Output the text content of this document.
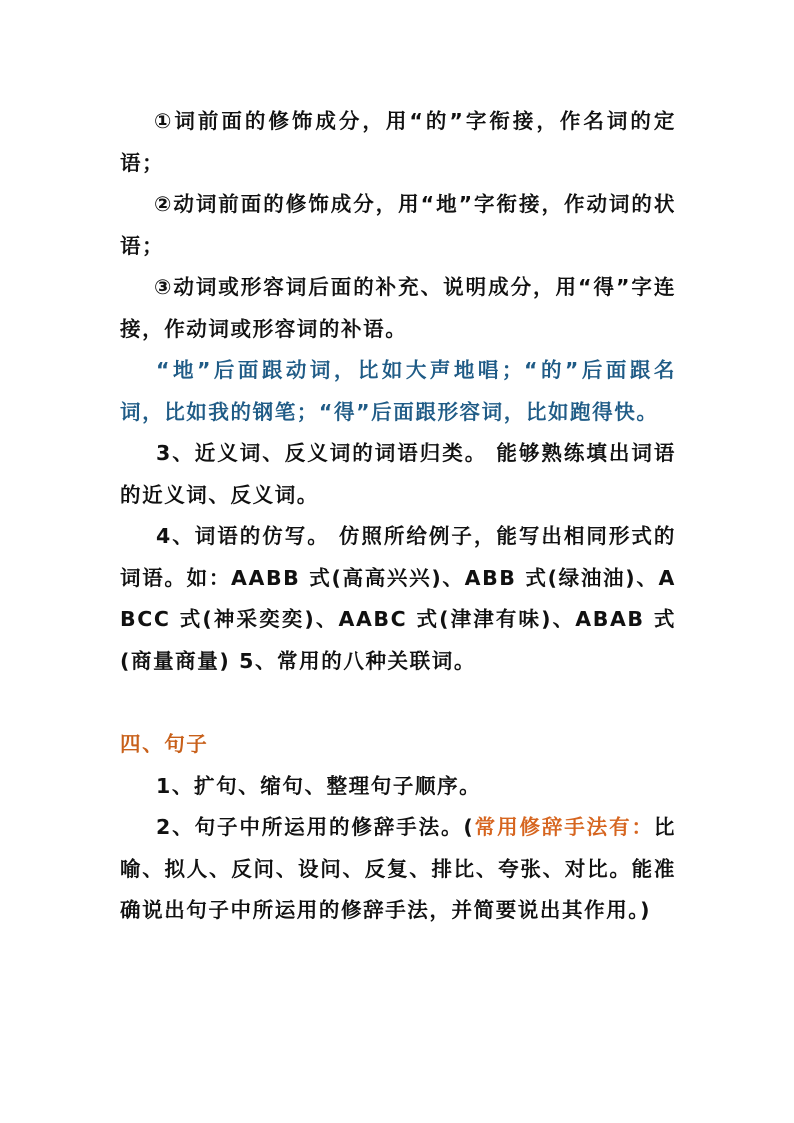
①词前面的修饰成分，用“的”字衔接，作名词的定语；

②动词前面的修饰成分，用“地”字衔接，作动词的状语；

③动词或形容词后面的补充、说明成分，用“得”字连接，作动词或形容词的补语。

“地”后面跟动词，比如大声地唱；“的”后面跟名词，比如我的钢笔；“得”后面跟形容词，比如跑得快。

3、近义词、反义词的词语归类。 能够熟练填出词语的近义词、反义词。

4、词语的仿写。 仿照所给例子，能写出相同形式的词语。如：AABB 式(高高兴兴)、ABB 式(绿油油)、ABCC 式(神采奕奕)、AABC 式(津津有味)、ABAB 式(商量商量) 5、常用的八种关联词。

四、句子

1、扩句、缩句、整理句子顺序。

2、句子中所运用的修辞手法。(常用修辞手法有：比喻、拟人、反问、设问、反复、排比、夸张、对比。能准确说出句子中所运用的修辞手法，并简要说出其作用。)
